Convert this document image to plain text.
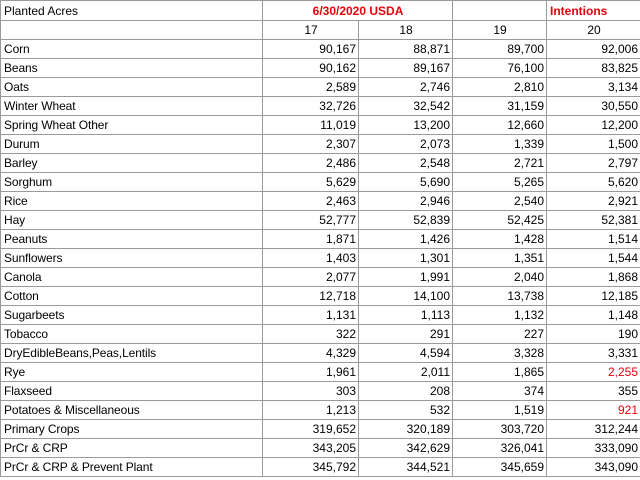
Planted Acres	6/30/2020 USDA			Intentions
	17	18	19	20
Corn	90,167	88,871	89,700	92,006
Beans	90,162	89,167	76,100	83,825
Oats	2,589	2,746	2,810	3,134
Winter Wheat	32,726	32,542	31,159	30,550
Spring Wheat Other	11,019	13,200	12,660	12,200
Durum	2,307	2,073	1,339	1,500
Barley	2,486	2,548	2,721	2,797
Sorghum	5,629	5,690	5,265	5,620
Rice	2,463	2,946	2,540	2,921
Hay	52,777	52,839	52,425	52,381
Peanuts	1,871	1,426	1,428	1,514
Sunflowers	1,403	1,301	1,351	1,544
Canola	2,077	1,991	2,040	1,868
Cotton	12,718	14,100	13,738	12,185
Sugarbeets	1,131	1,113	1,132	1,148
Tobacco	322	291	227	190
DryEdibleBeans,Peas,Lentils	4,329	4,594	3,328	3,331
Rye	1,961	2,011	1,865	2,255
Flaxseed	303	208	374	355
Potatoes & Miscellaneous	1,213	532	1,519	921
Primary Crops	319,652	320,189	303,720	312,244
PrCr & CRP	343,205	342,629	326,041	333,090
PrCr & CRP & Prevent Plant	345,792	344,521	345,659	343,090
